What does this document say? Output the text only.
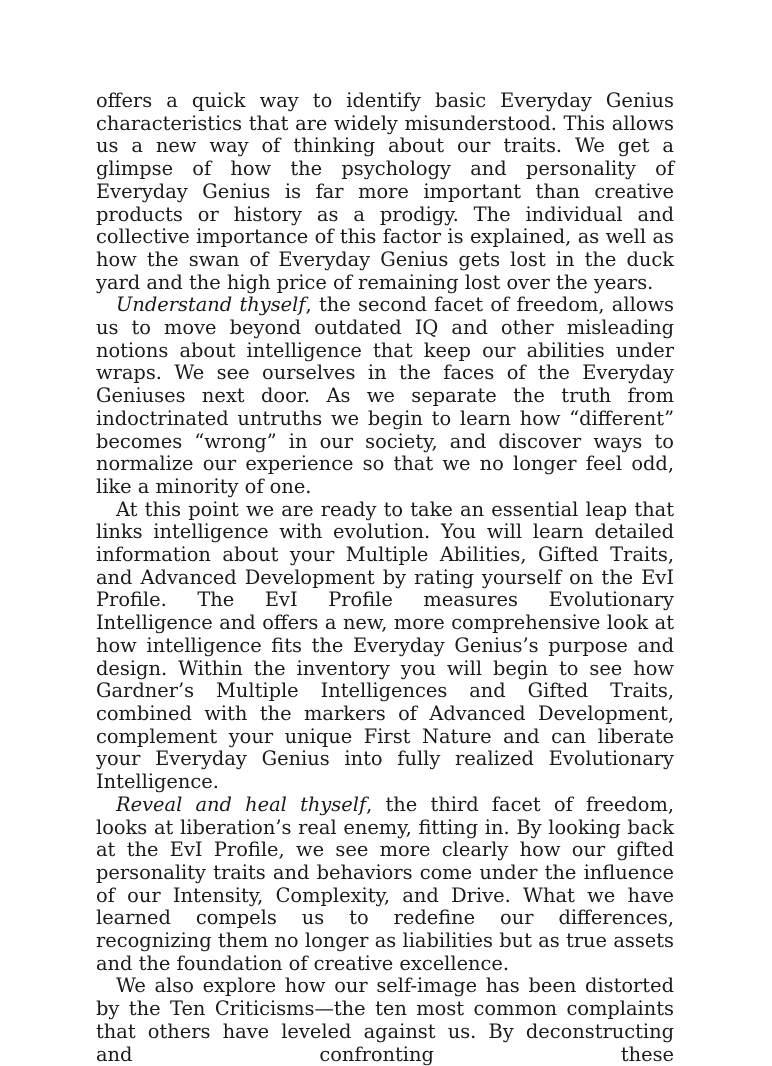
offers a quick way to identify basic Everyday Genius characteristics that are widely misunderstood. This allows us a new way of thinking about our traits. We get a glimpse of how the psychology and personality of Everyday Genius is far more important than creative products or history as a prodigy. The individual and collective importance of this factor is explained, as well as how the swan of Everyday Genius gets lost in the duck yard and the high price of remaining lost over the years.

Understand thyself, the second facet of freedom, allows us to move beyond outdated IQ and other misleading notions about intelligence that keep our abilities under wraps. We see ourselves in the faces of the Everyday Geniuses next door. As we separate the truth from indoctrinated untruths we begin to learn how “different” becomes “wrong” in our society, and discover ways to normalize our experience so that we no longer feel odd, like a minority of one.

At this point we are ready to take an essential leap that links intelligence with evolution. You will learn detailed information about your Multiple Abilities, Gifted Traits, and Advanced Development by rating yourself on the EvI Profile. The EvI Profile measures Evolutionary Intelligence and offers a new, more comprehensive look at how intelligence fits the Everyday Genius’s purpose and design. Within the inventory you will begin to see how Gardner’s Multiple Intelligences and Gifted Traits, combined with the markers of Advanced Development, complement your unique First Nature and can liberate your Everyday Genius into fully realized Evolutionary Intelligence.

Reveal and heal thyself, the third facet of freedom, looks at liberation’s real enemy, fitting in. By looking back at the EvI Profile, we see more clearly how our gifted personality traits and behaviors come under the influence of our Intensity, Complexity, and Drive. What we have learned compels us to redefine our differences, recognizing them no longer as liabilities but as true assets and the foundation of creative excellence.

We also explore how our self-image has been distorted by the Ten Criticisms—the ten most common complaints that others have leveled against us. By deconstructing and confronting these
